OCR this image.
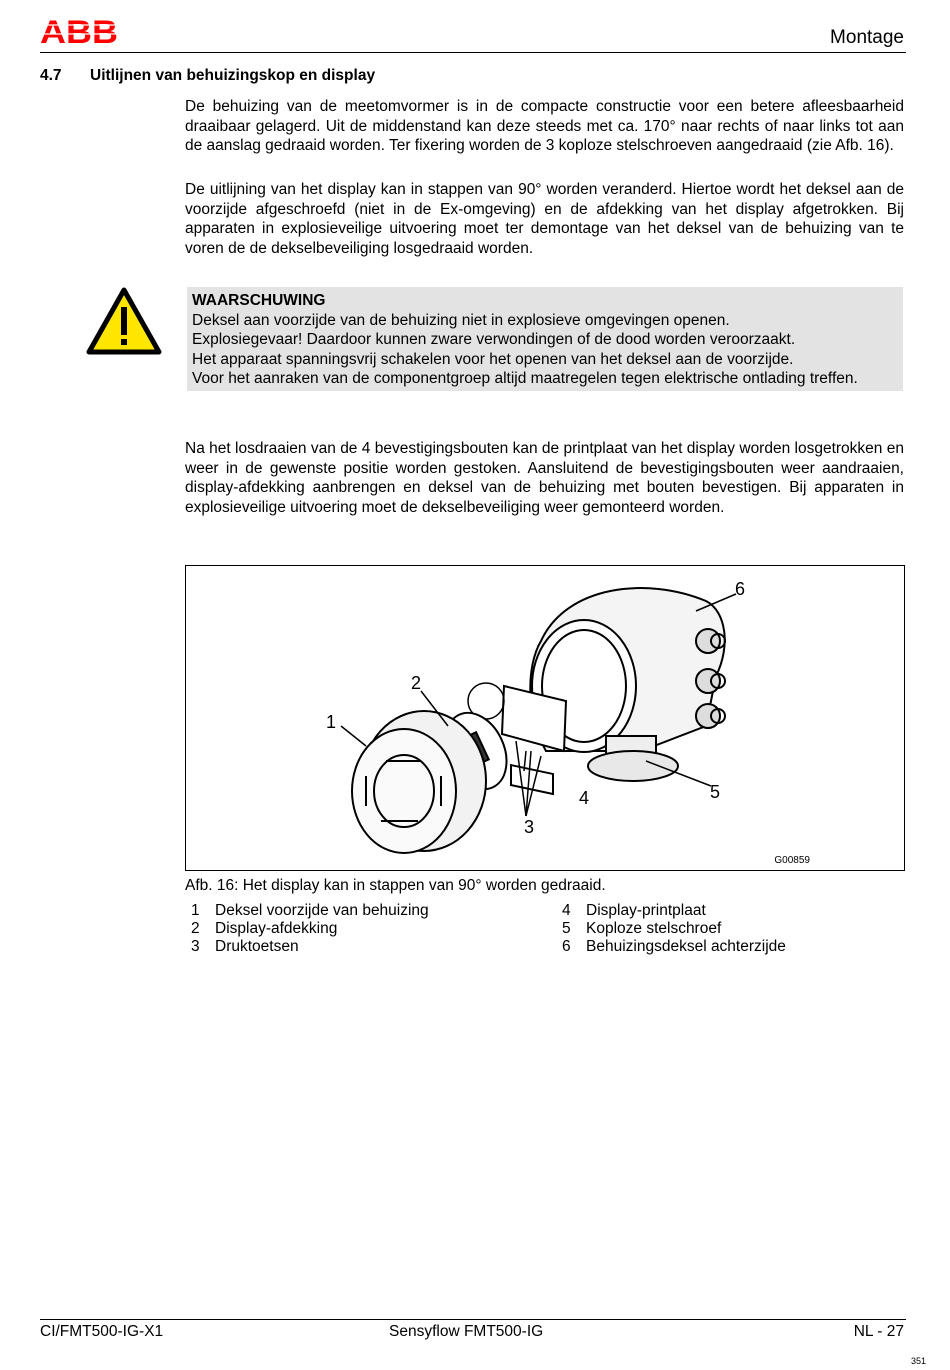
ABB	Montage
4.7 Uitlijnen van behuizingskop en display

De behuizing van de meetomvormer is in de compacte constructie voor een betere afleesbaarheid draaibaar gelagerd. Uit de middenstand kan deze steeds met ca. 170° naar rechts of naar links tot aan de aanslag gedraaid worden. Ter fixering worden de 3 koploze stelschroeven aangedraaid (zie Afb. 16).

De uitlijning van het display kan in stappen van 90° worden veranderd. Hiertoe wordt het deksel aan de voorzijde afgeschroefd (niet in de Ex-omgeving) en de afdekking van het display afgetrokken. Bij apparaten in explosieveilige uitvoering moet ter demontage van het deksel van de behuizing van te voren de de dekselbeveiliging losgedraaid worden.

WAARSCHUWING
Deksel aan voorzijde van de behuizing niet in explosieve omgevingen openen.
Explosiegevaar! Daardoor kunnen zware verwondingen of de dood worden veroorzaakt.
Het apparaat spanningsvrij schakelen voor het openen van het deksel aan de voorzijde.
Voor het aanraken van de componentgroep altijd maatregelen tegen elektrische ontlading treffen.

Na het losdraaien van de 4 bevestigingsbouten kan de printplaat van het display worden losgetrokken en weer in de gewenste positie worden gestoken. Aansluitend de bevestigingsbouten weer aandraaien, display-afdekking aanbrengen en deksel van de behuizing met bouten bevestigen. Bij apparaten in explosieveilige uitvoering moet de dekselbeveiliging weer gemonteerd worden.

1
2
3
4	5
6
G00859
Afb. 16: Het display kan in stappen van 90° worden gedraaid.
1 Deksel voorzijde van behuizing
2 Display-afdekking
3 Druktoetsen
4 Display-printplaat
5 Koploze stelschroef
6 Behuizingsdeksel achterzijde
CI/FMT500-IG-X1	Sensyflow FMT500-IG	NL - 27
351
